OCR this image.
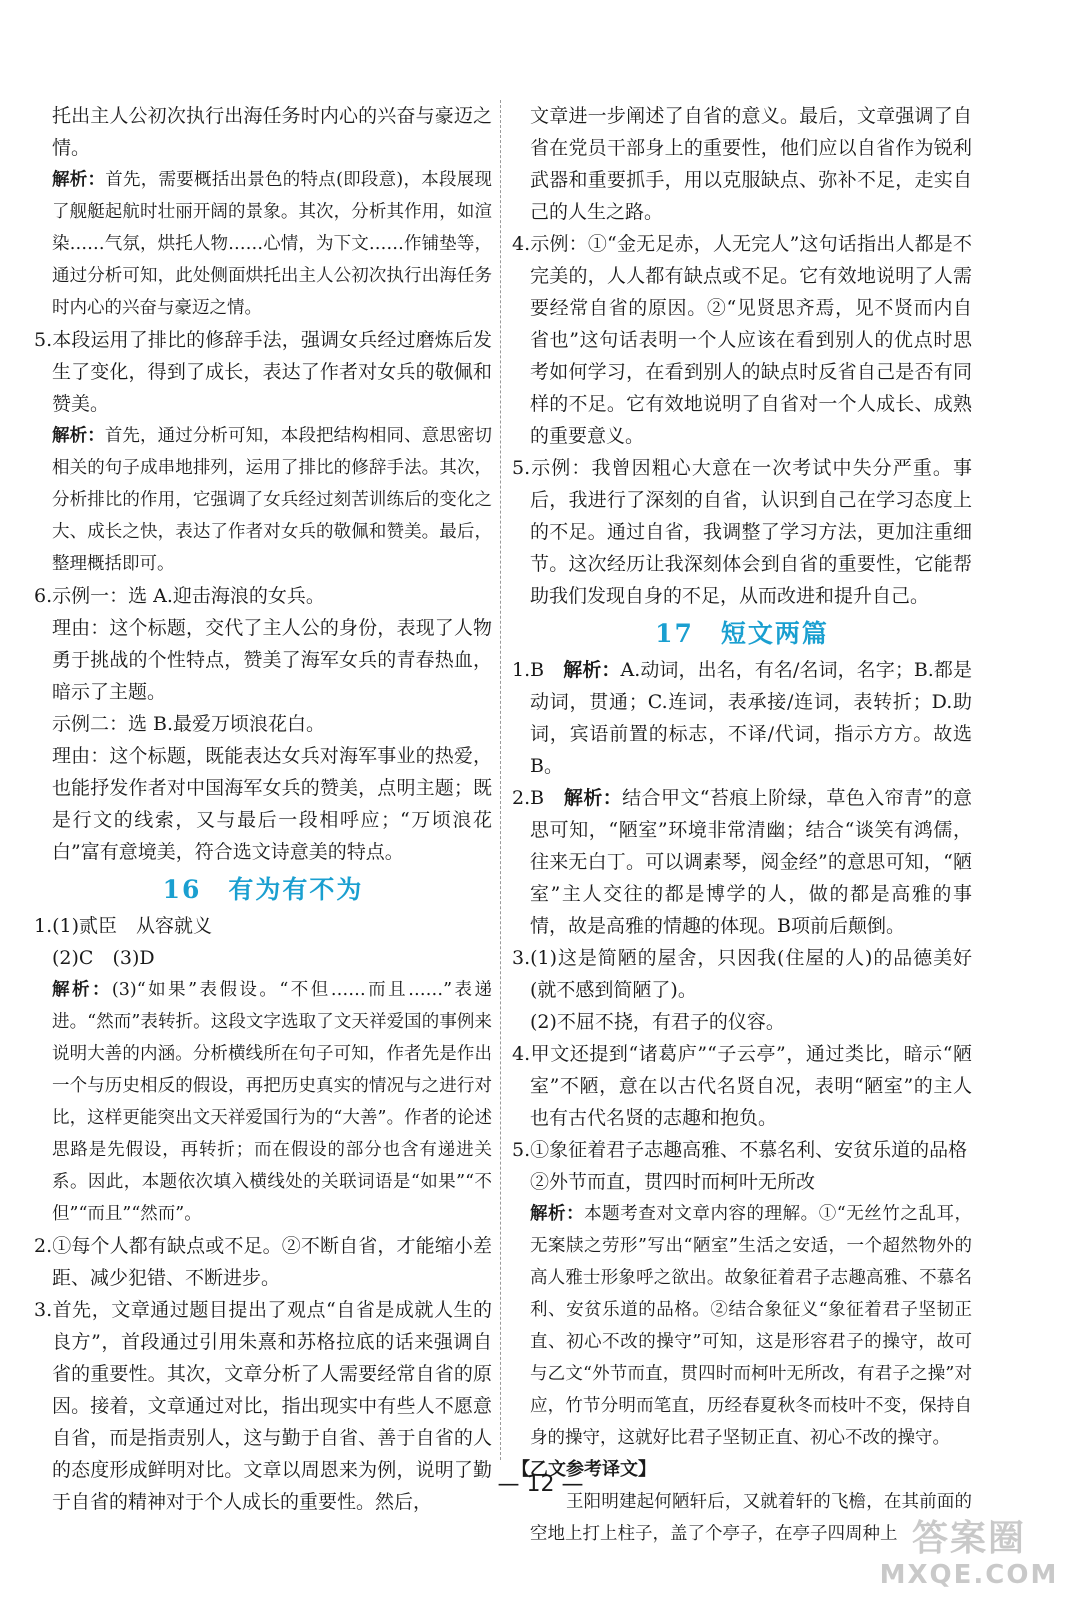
托出主人公初次执行出海任务时内心的兴奋与豪迈之情。

解析：首先，需要概括出景色的特点(即段意)，本段展现了舰艇起航时壮丽开阔的景象。其次，分析其作用，如渲染……气氛，烘托人物……心情，为下文……作铺垫等，通过分析可知，此处侧面烘托出主人公初次执行出海任务时内心的兴奋与豪迈之情。

5.本段运用了排比的修辞手法，强调女兵经过磨炼后发生了变化，得到了成长，表达了作者对女兵的敬佩和赞美。

解析：首先，通过分析可知，本段把结构相同、意思密切相关的句子成串地排列，运用了排比的修辞手法。其次，分析排比的作用，它强调了女兵经过刻苦训练后的变化之大、成长之快，表达了作者对女兵的敬佩和赞美。最后，整理概括即可。

6.示例一：选 A.迎击海浪的女兵。

理由：这个标题，交代了主人公的身份，表现了人物勇于挑战的个性特点，赞美了海军女兵的青春热血，暗示了主题。

示例二：选 B.最爱万顷浪花白。

理由：这个标题，既能表达女兵对海军事业的热爱，也能抒发作者对中国海军女兵的赞美，点明主题；既是行文的线索，又与最后一段相呼应；“万顷浪花白”富有意境美，符合选文诗意美的特点。

16　有为有不为

1.(1)贰臣　从容就义

(2)C　(3)D

解析：(3)“如果”表假设。“不但……而且……”表递进。“然而”表转折。这段文字选取了文天祥爱国的事例来说明大善的内涵。分析横线所在句子可知，作者先是作出一个与历史相反的假设，再把历史真实的情况与之进行对比，这样更能突出文天祥爱国行为的“大善”。作者的论述思路是先假设，再转折；而在假设的部分也含有递进关系。因此，本题依次填入横线处的关联词语是“如果”“不但”“而且”“然而”。

2.①每个人都有缺点或不足。②不断自省，才能缩小差距、减少犯错、不断进步。

3.首先，文章通过题目提出了观点“自省是成就人生的良方”，首段通过引用朱熹和苏格拉底的话来强调自省的重要性。其次，文章分析了人需要经常自省的原因。接着，文章通过对比，指出现实中有些人不愿意自省，而是指责别人，这与勤于自省、善于自省的人的态度形成鲜明对比。文章以周恩来为例，说明了勤于自省的精神对于个人成长的重要性。然后，

文章进一步阐述了自省的意义。最后，文章强调了自省在党员干部身上的重要性，他们应以自省作为锐利武器和重要抓手，用以克服缺点、弥补不足，走实自己的人生之路。

4.示例：①“金无足赤，人无完人”这句话指出人都是不完美的，人人都有缺点或不足。它有效地说明了人需要经常自省的原因。②“见贤思齐焉，见不贤而内自省也”这句话表明一个人应该在看到别人的优点时思考如何学习，在看到别人的缺点时反省自己是否有同样的不足。它有效地说明了自省对一个人成长、成熟的重要意义。

5.示例：我曾因粗心大意在一次考试中失分严重。事后，我进行了深刻的自省，认识到自己在学习态度上的不足。通过自省，我调整了学习方法，更加注重细节。这次经历让我深刻体会到自省的重要性，它能帮助我们发现自身的不足，从而改进和提升自己。

17　短文两篇

1.B　解析：A.动词，出名，有名/名词，名字；B.都是动词，贯通；C.连词，表承接/连词，表转折；D.助词，宾语前置的标志，不译/代词，指示方方。故选 B。

2.B　解析：结合甲文“苔痕上阶绿，草色入帘青”的意思可知，“陋室”环境非常清幽；结合“谈笑有鸿儒，往来无白丁。可以调素琴，阅金经”的意思可知，“陋室”主人交往的都是博学的人，做的都是高雅的事情，故是高雅的情趣的体现。B项前后颠倒。

3.(1)这是简陋的屋舍，只因我(住屋的人)的品德美好(就不感到简陋了)。

(2)不屈不挠，有君子的仪容。

4.甲文还提到“诸葛庐”“子云亭”，通过类比，暗示“陋室”不陋，意在以古代名贤自况，表明“陋室”的主人也有古代名贤的志趣和抱负。

5.①象征着君子志趣高雅、不慕名利、安贫乐道的品格

②外节而直，贯四时而柯叶无所改

解析：本题考查对文章内容的理解。①“无丝竹之乱耳，无案牍之劳形”写出“陋室”生活之安适，一个超然物外的高人雅士形象呼之欲出。故象征着君子志趣高雅、不慕名利、安贫乐道的品格。②结合象征义“象征着君子坚韧正直、初心不改的操守”可知，这是形容君子的操守，故可与乙文“外节而直，贯四时而柯叶无所改，有君子之操”对应，竹节分明而笔直，历经春夏秋冬而枝叶不变，保持自身的操守，这就好比君子坚韧正直、初心不改的操守。

【乙文参考译文】

王阳明建起何陋轩后，又就着轩的飞檐，在其前面的空地上打上柱子，盖了个亭子，在亭子四周种上

— 12 —
答案圈
MXQE.COM
